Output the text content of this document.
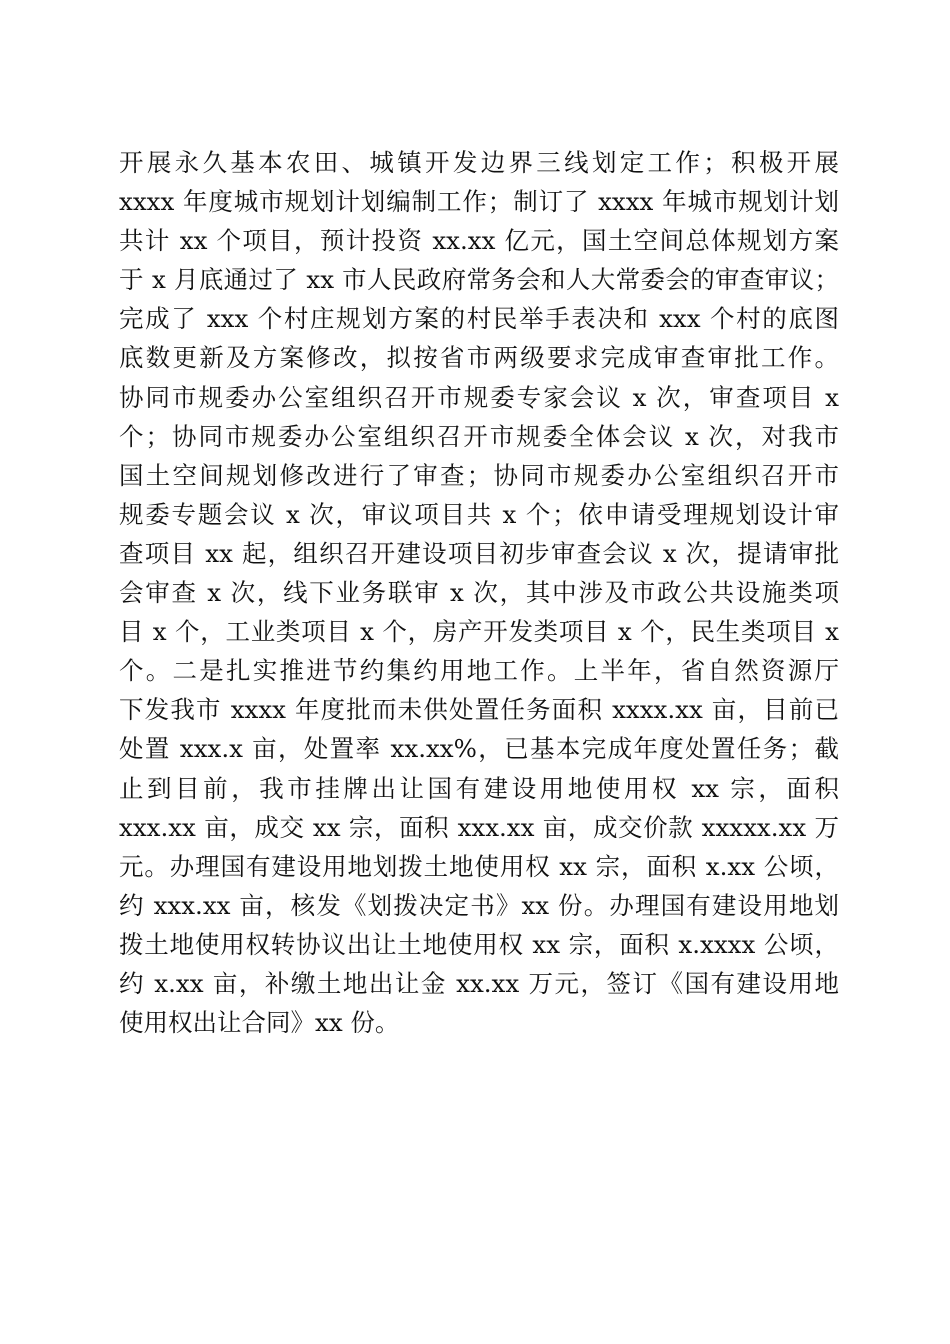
开展永久基本农田、城镇开发边界三线划定工作；积极开展
xxxx 年度城市规划计划编制工作；制订了 xxxx 年城市规划计划
共计 xx 个项目，预计投资 xx.xx 亿元，国土空间总体规划方案
于 x 月底通过了 xx 市人民政府常务会和人大常委会的审查审议；
完成了 xxx 个村庄规划方案的村民举手表决和 xxx 个村的底图
底数更新及方案修改，拟按省市两级要求完成审查审批工作。
协同市规委办公室组织召开市规委专家会议 x 次，审查项目 x
个；协同市规委办公室组织召开市规委全体会议 x 次，对我市
国土空间规划修改进行了审查；协同市规委办公室组织召开市
规委专题会议 x 次，审议项目共 x 个；依申请受理规划设计审
查项目 xx 起，组织召开建设项目初步审查会议 x 次，提请审批
会审查 x 次，线下业务联审 x 次，其中涉及市政公共设施类项
目 x 个，工业类项目 x 个，房产开发类项目 x 个，民生类项目 x
个。二是扎实推进节约集约用地工作。上半年，省自然资源厅
下发我市 xxxx 年度批而未供处置任务面积 xxxx.xx 亩，目前已
处置 xxx.x 亩，处置率 xx.xx%，已基本完成年度处置任务；截
止到目前，我市挂牌出让国有建设用地使用权 xx 宗，面积
xxx.xx 亩，成交 xx 宗，面积 xxx.xx 亩，成交价款 xxxxx.xx 万
元。办理国有建设用地划拨土地使用权 xx 宗，面积 x.xx 公顷，
约 xxx.xx 亩，核发《划拨决定书》xx 份。办理国有建设用地划
拨土地使用权转协议出让土地使用权 xx 宗，面积 x.xxxx 公顷，
约 x.xx 亩，补缴土地出让金 xx.xx 万元，签订《国有建设用地
使用权出让合同》xx 份。
